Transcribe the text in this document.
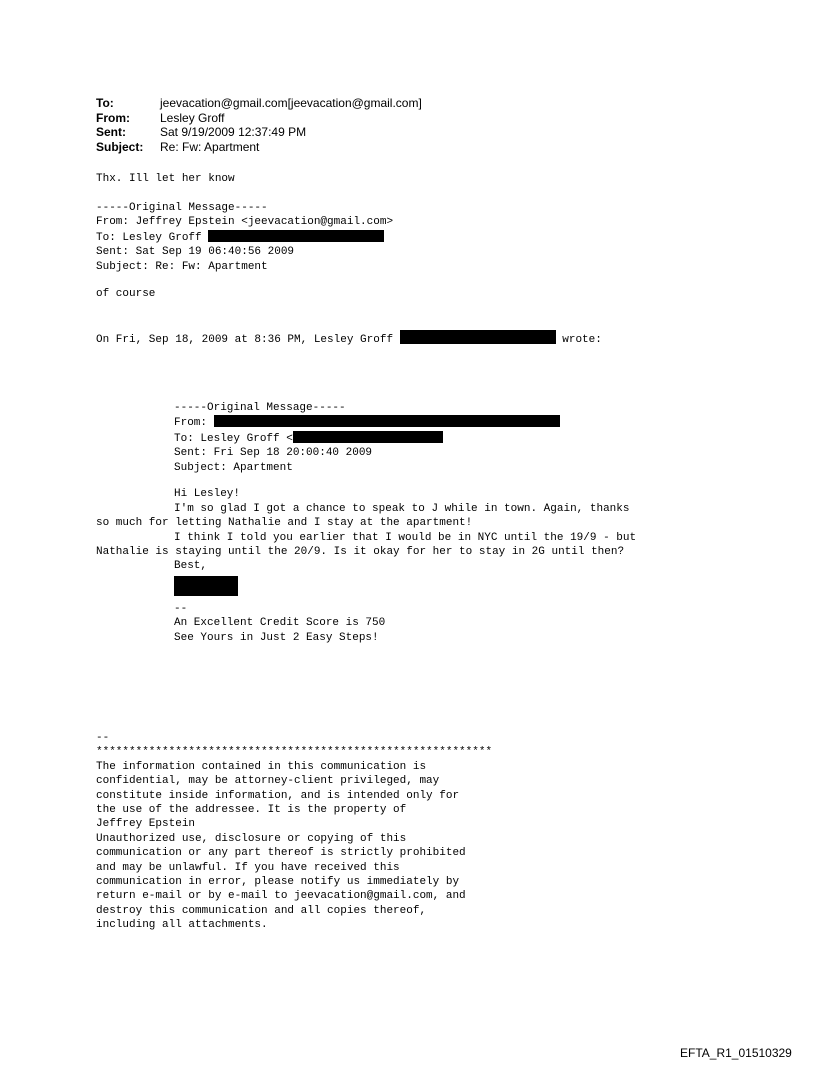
To:	jeevacation@gmail.com[jeevacation@gmail.com]
From:	Lesley Groff
Sent:	Sat 9/19/2009 12:37:49 PM
Subject:	Re: Fw: Apartment
Thx. Ill let her know
-----Original Message-----
From: Jeffrey Epstein <jeevacation@gmail.com>
To: Lesley Groff
Sent: Sat Sep 19 06:40:56 2009
Subject: Re: Fw: Apartment
of course
On Fri, Sep 18, 2009 at 8:36 PM, Lesley Groff	wrote:
-----Original Message-----
From:
To: Lesley Groff <
Sent: Fri Sep 18 20:00:40 2009
Subject: Apartment
Hi Lesley!
I'm so glad I got a chance to speak to J while in town. Again, thanks
so much for letting Nathalie and I stay at the apartment!
I think I told you earlier that I would be in NYC until the 19/9 - but
Nathalie is staying until the 20/9. Is it okay for her to stay in 2G until then?
Best,
--
An Excellent Credit Score is 750
See Yours in Just 2 Easy Steps!
--
************************************************************
The information contained in this communication is
confidential, may be attorney-client privileged, may
constitute inside information, and is intended only for
the use of the addressee. It is the property of
Jeffrey Epstein
Unauthorized use, disclosure or copying of this
communication or any part thereof is strictly prohibited
and may be unlawful. If you have received this
communication in error, please notify us immediately by
return e-mail or by e-mail to jeevacation@gmail.com, and
destroy this communication and all copies thereof,
including all attachments.
EFTA_R1_01510329
